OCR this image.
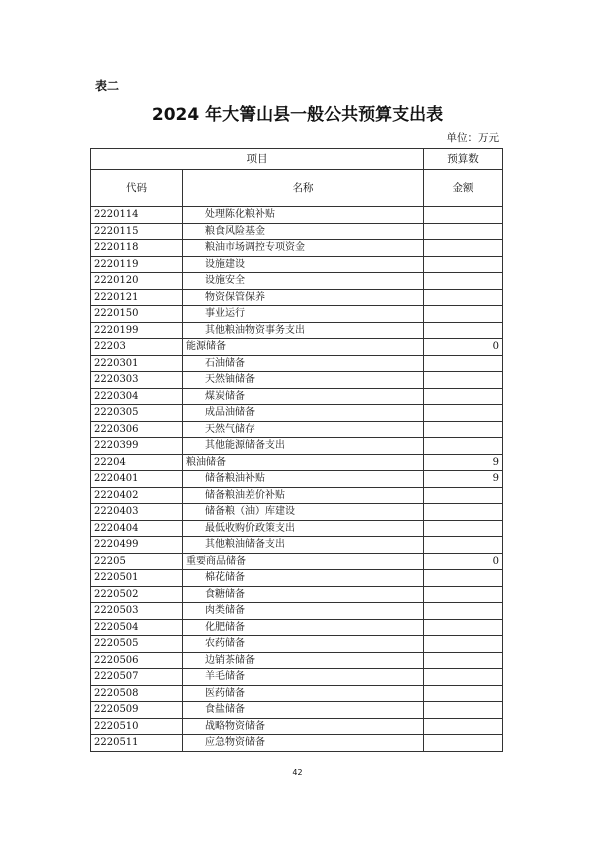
表二
2024 年大箐山县一般公共预算支出表
单位：万元
项目		预算数
代码	名称	金额
2220114	处理陈化粮补贴	
2220115	粮食风险基金	
2220118	粮油市场调控专项资金	
2220119	设施建设	
2220120	设施安全	
2220121	物资保管保养	
2220150	事业运行	
2220199	其他粮油物资事务支出	
22203	能源储备	0
2220301	石油储备	
2220303	天然铀储备	
2220304	煤炭储备	
2220305	成品油储备	
2220306	天然气储存	
2220399	其他能源储备支出	
22204	粮油储备	9
2220401	储备粮油补贴	9
2220402	储备粮油差价补贴	
2220403	储备粮（油）库建设	
2220404	最低收购价政策支出	
2220499	其他粮油储备支出	
22205	重要商品储备	0
2220501	棉花储备	
2220502	食糖储备	
2220503	肉类储备	
2220504	化肥储备	
2220505	农药储备	
2220506	边销茶储备	
2220507	羊毛储备	
2220508	医药储备	
2220509	食盐储备	
2220510	战略物资储备	
2220511	应急物资储备	
42
